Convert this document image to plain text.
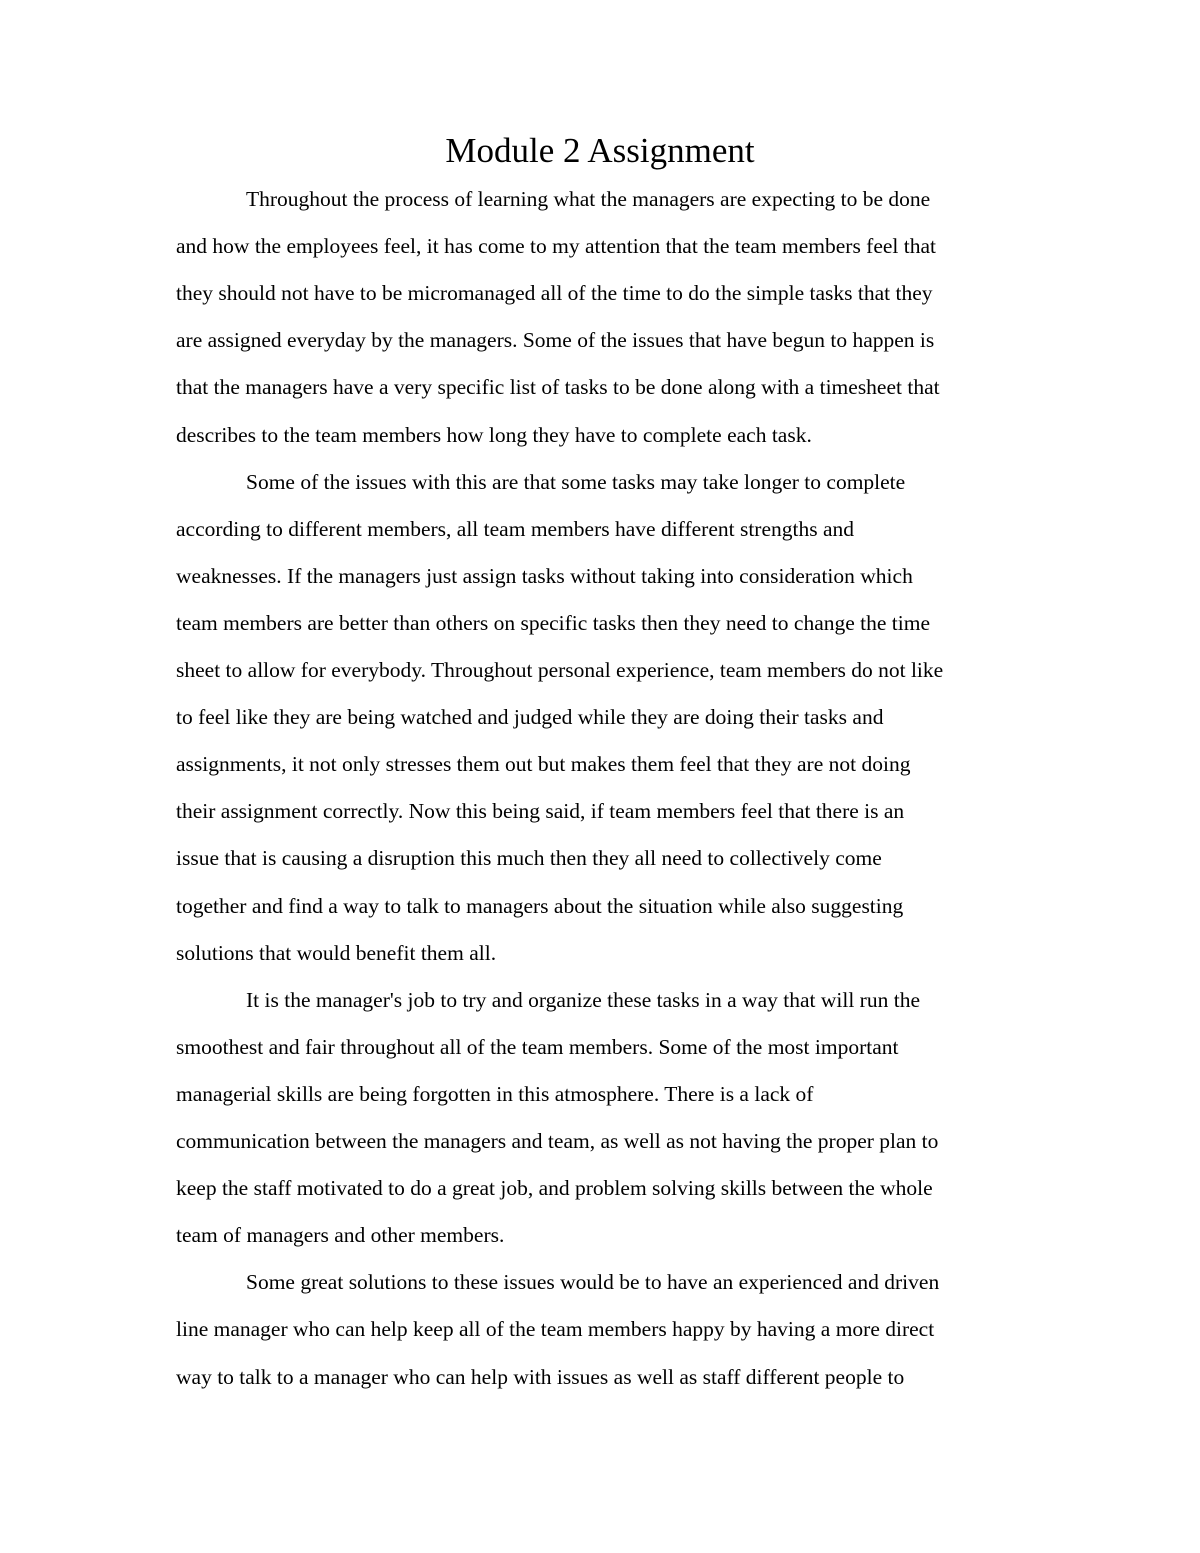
Module 2 Assignment

Throughout the process of learning what the managers are expecting to be done

and how the employees feel, it has come to my attention that the team members feel that

they should not have to be micromanaged all of the time to do the simple tasks that they

are assigned everyday by the managers. Some of the issues that have begun to happen is

that the managers have a very specific list of tasks to be done along with a timesheet that

describes to the team members how long they have to complete each task.

Some of the issues with this are that some tasks may take longer to complete

according to different members, all team members have different strengths and

weaknesses. If the managers just assign tasks without taking into consideration which

team members are better than others on specific tasks then they need to change the time

sheet to allow for everybody. Throughout personal experience, team members do not like

to feel like they are being watched and judged while they are doing their tasks and

assignments, it not only stresses them out but makes them feel that they are not doing

their assignment correctly. Now this being said, if team members feel that there is an

issue that is causing a disruption this much then they all need to collectively come

together and find a way to talk to managers about the situation while also suggesting

solutions that would benefit them all.

It is the manager's job to try and organize these tasks in a way that will run the

smoothest and fair throughout all of the team members. Some of the most important

managerial skills are being forgotten in this atmosphere. There is a lack of

communication between the managers and team, as well as not having the proper plan to

keep the staff motivated to do a great job, and problem solving skills between the whole

team of managers and other members.

Some great solutions to these issues would be to have an experienced and driven

line manager who can help keep all of the team members happy by having a more direct

way to talk to a manager who can help with issues as well as staff different people to
